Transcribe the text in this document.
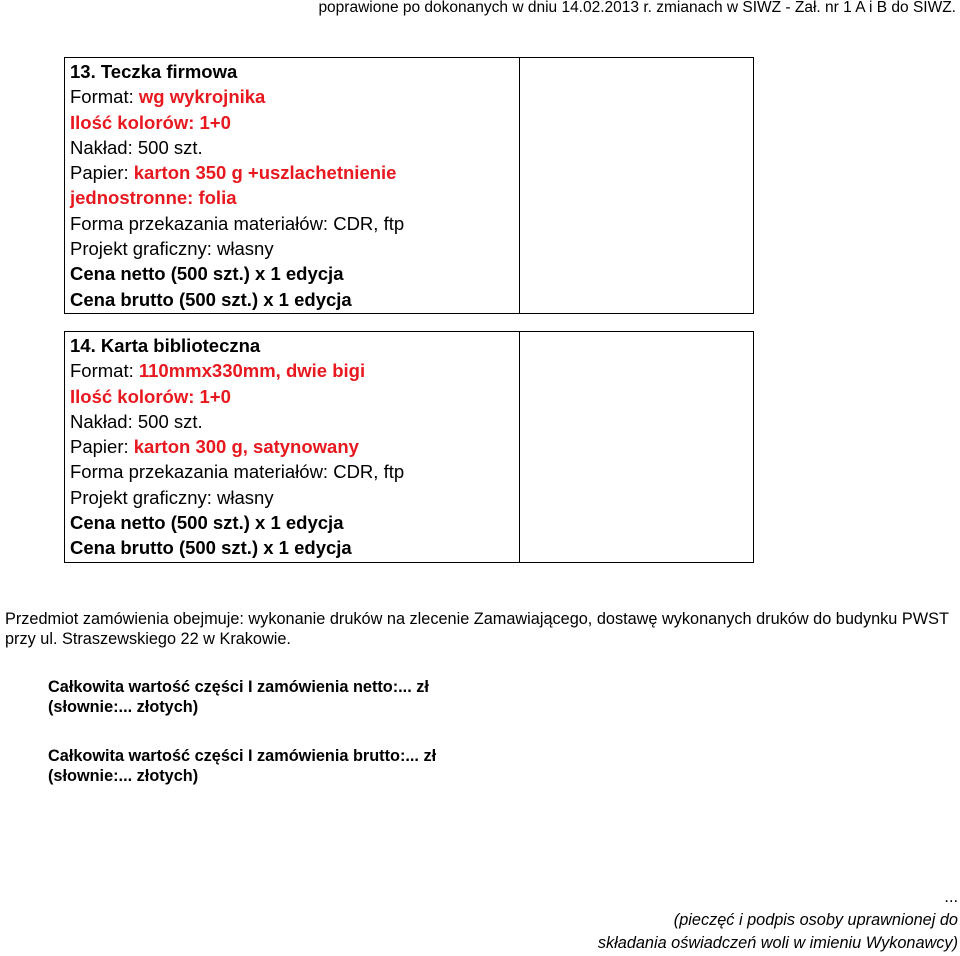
poprawione po dokonanych w dniu 14.02.2013 r. zmianach w SIWZ - Zał. nr 1 A i B do SIWZ.
13. Teczka firmowa
Format: wg wykrojnika
Ilość kolorów: 1+0
Nakład: 500 szt.
Papier: karton 350 g +uszlachetnienie
jednostronne: folia
Forma przekazania materiałów: CDR, ftp
Projekt graficzny: własny
Cena netto (500 szt.) x 1 edycja
Cena brutto (500 szt.) x 1 edycja

14. Karta biblioteczna
Format: 110mmx330mm, dwie bigi
Ilość kolorów: 1+0
Nakład: 500 szt.
Papier: karton 300 g, satynowany
Forma przekazania materiałów: CDR, ftp
Projekt graficzny: własny
Cena netto (500 szt.) x 1 edycja
Cena brutto (500 szt.) x 1 edycja

Przedmiot zamówienia obejmuje: wykonanie druków na zlecenie Zamawiającego, dostawę wykonanych druków do budynku PWST przy ul. Straszewskiego 22 w Krakowie.
Całkowita wartość części I zamówienia netto:... zł
(słownie:... złotych)
Całkowita wartość części I zamówienia brutto:... zł
(słownie:... złotych)
...
(pieczęć i podpis osoby uprawnionej do
składania oświadczeń woli w imieniu Wykonawcy)
